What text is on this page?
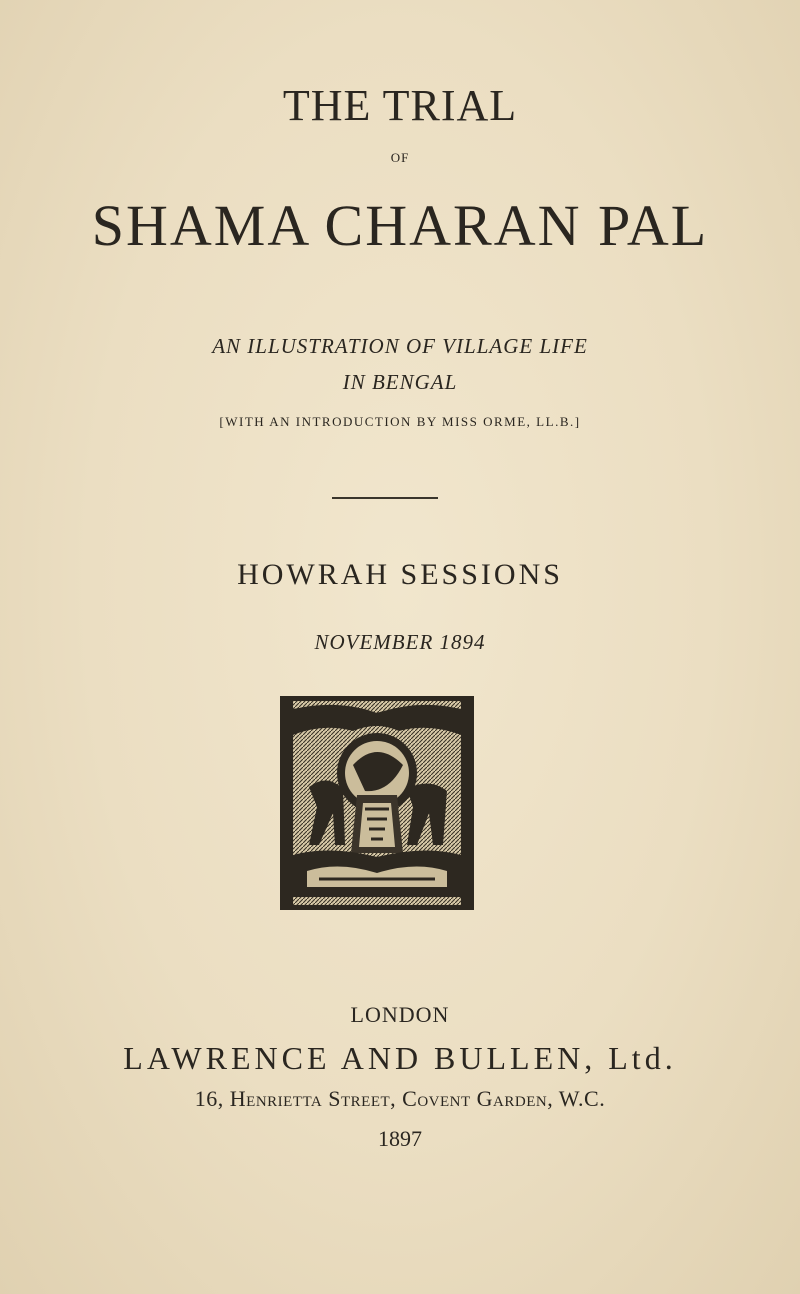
THE TRIAL
OF
SHAMA CHARAN PAL
AN ILLUSTRATION OF VILLAGE LIFE
IN BENGAL
[WITH AN INTRODUCTION BY MISS ORME, LL.B.]
HOWRAH SESSIONS
NOVEMBER 1894
LONDON
LAWRENCE AND BULLEN, Ltd.
16, Henrietta Street, Covent Garden, W.C.
1897
